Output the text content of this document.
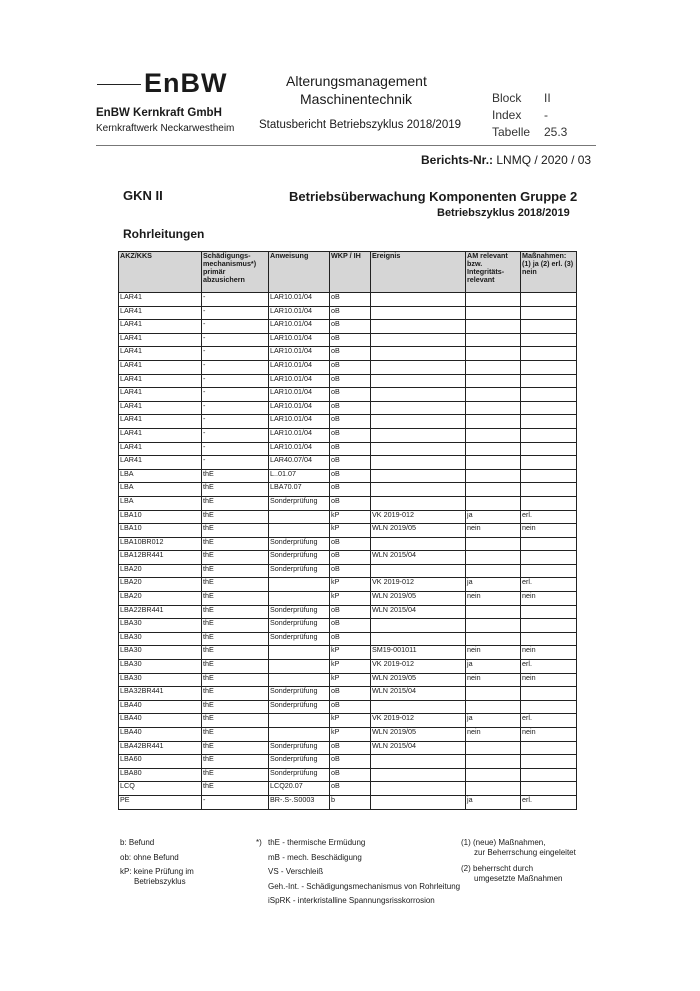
EnBW
EnBW Kernkraft GmbH
Kernkraftwerk Neckarwestheim
Alterungsmanagement
Maschinentechnik
Statusbericht Betriebszyklus 2018/2019
Block II
Index -
Tabelle 25.3
Berichts-Nr.: LNMQ / 2020 / 03
GKN II	Betriebsüberwachung Komponenten Gruppe 2
Betriebszyklus 2018/2019
Rohrleitungen
AKZ/KKS	Schädigungs-mechanismus*) primär abzusichern	Anweisung	WKP / IH	Ereignis	AM relevant bzw. Integritäts-relevant	Maßnahmen: (1) ja (2) erl. (3) nein
LAR41	-	LAR10.01/04	oB			
LAR41	-	LAR10.01/04	oB			
LAR41	-	LAR10.01/04	oB			
LAR41	-	LAR10.01/04	oB			
LAR41	-	LAR10.01/04	oB			
LAR41	-	LAR10.01/04	oB			
LAR41	-	LAR10.01/04	oB			
LAR41	-	LAR10.01/04	oB			
LAR41	-	LAR10.01/04	oB			
LAR41	-	LAR10.01/04	oB			
LAR41	-	LAR10.01/04	oB			
LAR41	-	LAR10.01/04	oB			
LAR41	-	LAR40.07/04	oB			
LBA	thE	L..01.07	oB			
LBA	thE	LBA70.07	oB			
LBA	thE	Sonderprüfung	oB			
LBA10	thE		kP	VK 2019-012	ja	erl.
LBA10	thE		kP	WLN 2019/05	nein	nein
LBA10BR012	thE	Sonderprüfung	oB			
LBA12BR441	thE	Sonderprüfung	oB	WLN 2015/04		
LBA20	thE	Sonderprüfung	oB			
LBA20	thE		kP	VK 2019-012	ja	erl.
LBA20	thE		kP	WLN 2019/05	nein	nein
LBA22BR441	thE	Sonderprüfung	oB	WLN 2015/04		
LBA30	thE	Sonderprüfung	oB			
LBA30	thE	Sonderprüfung	oB			
LBA30	thE		kP	SM19-001011	nein	nein
LBA30	thE		kP	VK 2019-012	ja	erl.
LBA30	thE		kP	WLN 2019/05	nein	nein
LBA32BR441	thE	Sonderprüfung	oB	WLN 2015/04		
LBA40	thE	Sonderprüfung	oB			
LBA40	thE		kP	VK 2019-012	ja	erl.
LBA40	thE		kP	WLN 2019/05	nein	nein
LBA42BR441	thE	Sonderprüfung	oB	WLN 2015/04		
LBA60	thE	Sonderprüfung	oB			
LBA80	thE	Sonderprüfung	oB			
LCQ	thE	LCQ20.07	oB			
PE	-	BR-.S-.S0003	b		ja	erl.
b: Befund
ob: ohne Befund
kP: keine Prüfung im
Betriebszyklus
*) thE - thermische Ermüdung
mB - mech. Beschädigung
VS - Verschleiß
Geh.-Int. - Schädigungsmechanismus von Rohrleitung
iSpRK - interkristalline Spannungsrisskorrosion
(1) (neue) Maßnahmen,
zur Beherrschung eingeleitet
(2) beherrscht durch
umgesetzte Maßnahmen
